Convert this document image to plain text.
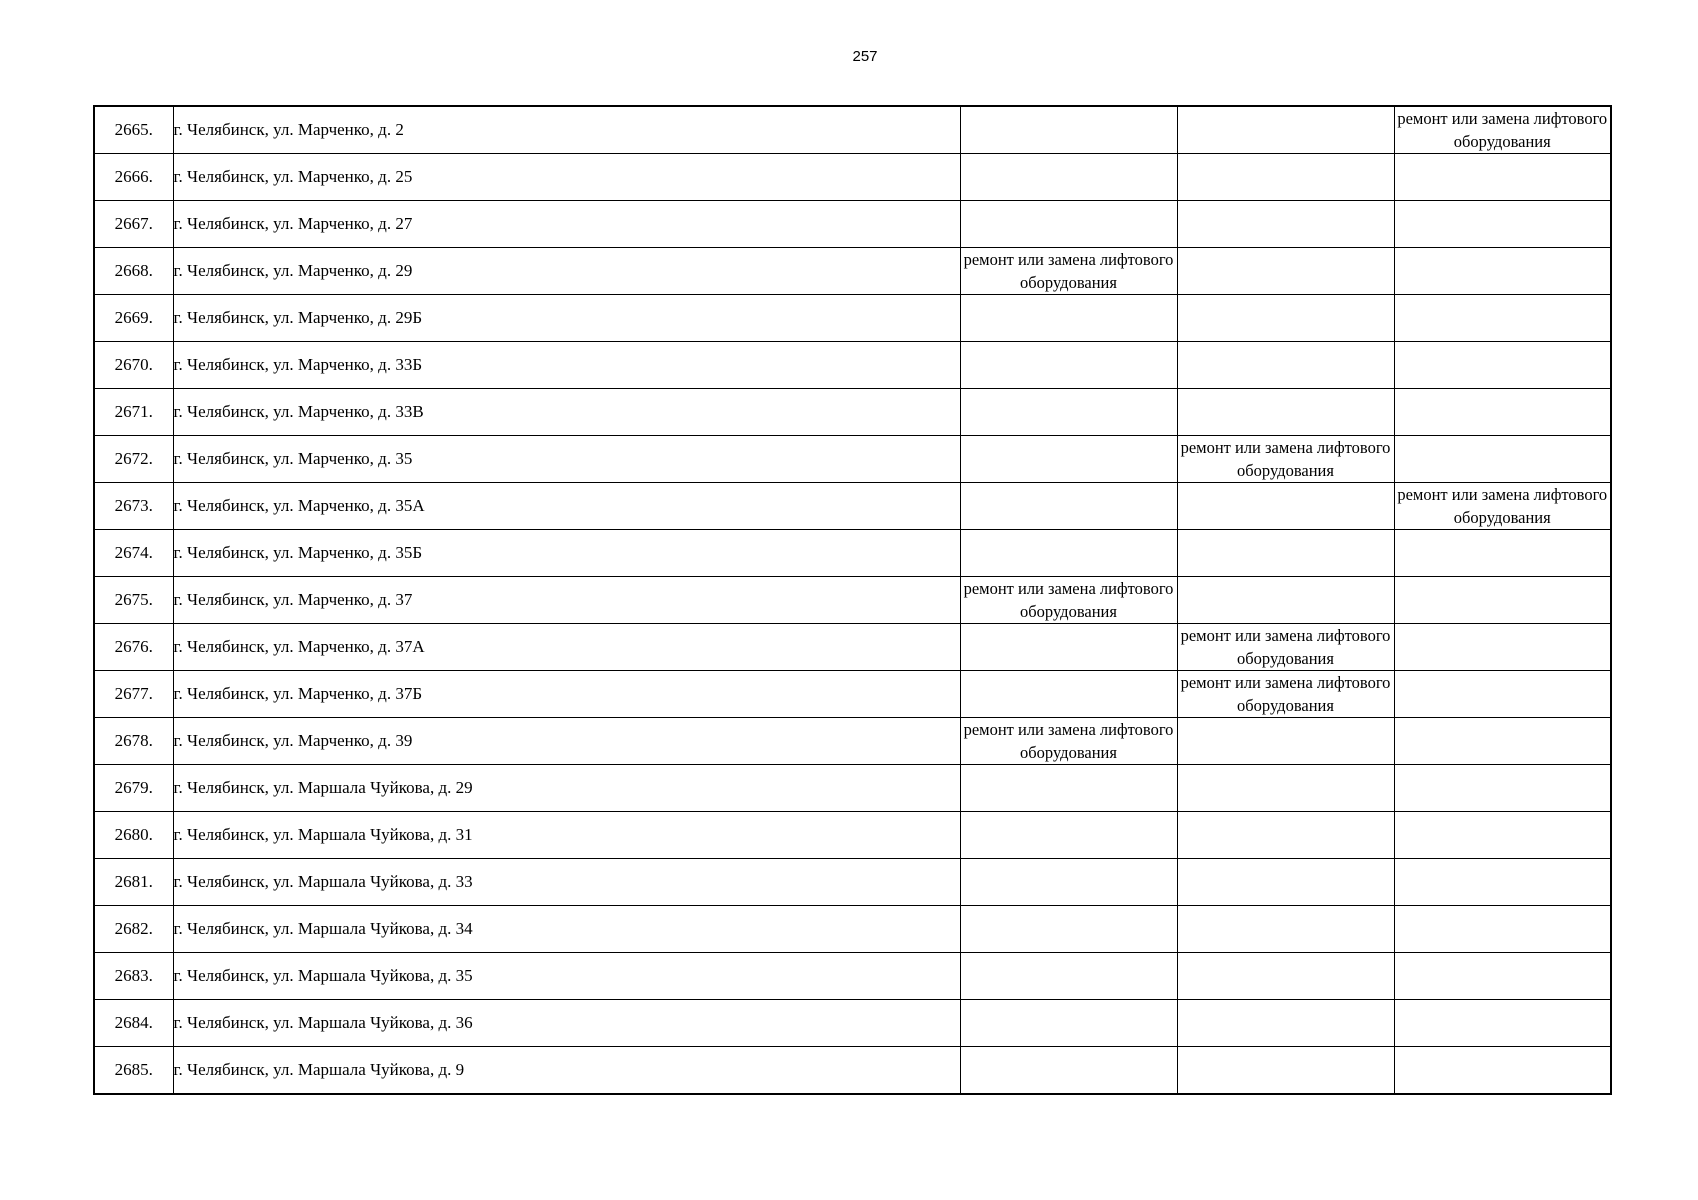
257
2665.	г. Челябинск, ул. Марченко, д. 2			ремонт или замена лифтового оборудования
2666.	г. Челябинск, ул. Марченко, д. 25			
2667.	г. Челябинск, ул. Марченко, д. 27			
2668.	г. Челябинск, ул. Марченко, д. 29	ремонт или замена лифтового оборудования		
2669.	г. Челябинск, ул. Марченко, д. 29Б			
2670.	г. Челябинск, ул. Марченко, д. 33Б			
2671.	г. Челябинск, ул. Марченко, д. 33В			
2672.	г. Челябинск, ул. Марченко, д. 35		ремонт или замена лифтового оборудования	
2673.	г. Челябинск, ул. Марченко, д. 35А			ремонт или замена лифтового оборудования
2674.	г. Челябинск, ул. Марченко, д. 35Б			
2675.	г. Челябинск, ул. Марченко, д. 37	ремонт или замена лифтового оборудования		
2676.	г. Челябинск, ул. Марченко, д. 37А		ремонт или замена лифтового оборудования	
2677.	г. Челябинск, ул. Марченко, д. 37Б		ремонт или замена лифтового оборудования	
2678.	г. Челябинск, ул. Марченко, д. 39	ремонт или замена лифтового оборудования		
2679.	г. Челябинск, ул. Маршала Чуйкова, д. 29			
2680.	г. Челябинск, ул. Маршала Чуйкова, д. 31			
2681.	г. Челябинск, ул. Маршала Чуйкова, д. 33			
2682.	г. Челябинск, ул. Маршала Чуйкова, д. 34			
2683.	г. Челябинск, ул. Маршала Чуйкова, д. 35			
2684.	г. Челябинск, ул. Маршала Чуйкова, д. 36			
2685.	г. Челябинск, ул. Маршала Чуйкова, д. 9			
